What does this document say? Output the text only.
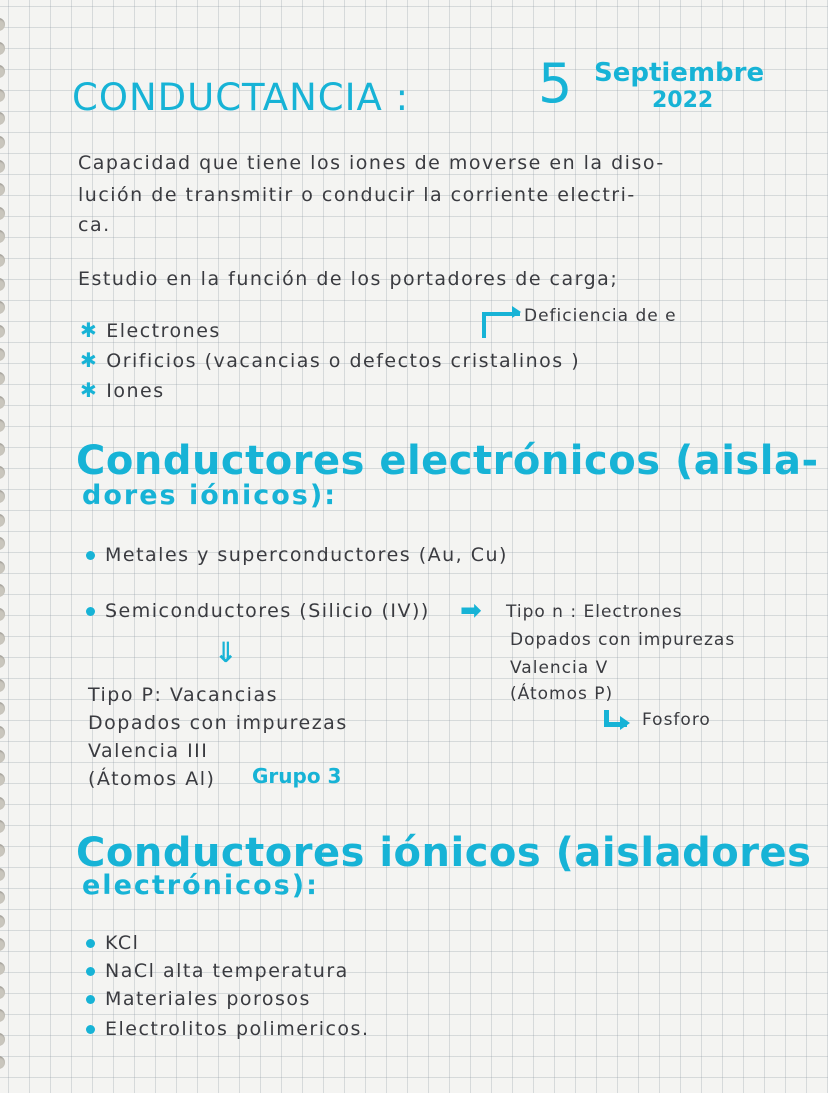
CONDUCTANCIA : 5 Septiembre
2022
Capacidad que tiene los iones de moverse en la diso-
lución de transmitir o conducir la corriente electri-
ca.
Estudio en la función de los portadores de carga;
✱ Electrones
✱ Orificios (vacancias o defectos cristalinos )
✱ Iones
Deficiencia de e
Conductores electrónicos (aisla-
dores iónicos):
Metales y superconductores (Au, Cu)
Semiconductores (Silicio (IV)) ➡
⇓
Tipo n : Electrones
Dopados con impurezas
Valencia V
(Átomos P)
Fosforo
Tipo P: Vacancias
Dopados con impurezas
Valencia III
(Átomos Al) Grupo 3
Conductores iónicos (aisladores
electrónicos):
KCl
NaCl alta temperatura
Materiales porosos
Electrolitos polimericos.
